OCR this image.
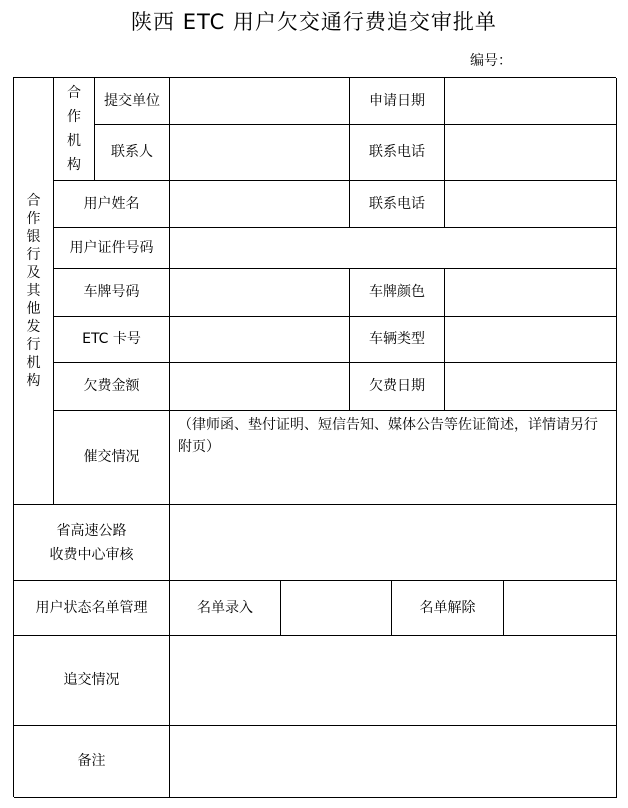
陕西 ETC 用户欠交通行费追交审批单
编号：
合作银行及其他发行机构
合作机构
提交单位	申请日期
联系人	联系电话
用户姓名	联系电话
用户证件号码
车牌号码	车牌颜色
ETC 卡号	车辆类型
欠费金额	欠费日期
催交情况
（律师函、垫付证明、短信告知、媒体公告等佐证简述，详情请另行附页）
省高速公路
收费中心审核
用户状态名单管理	名单录入	名单解除
追交情况
备注
